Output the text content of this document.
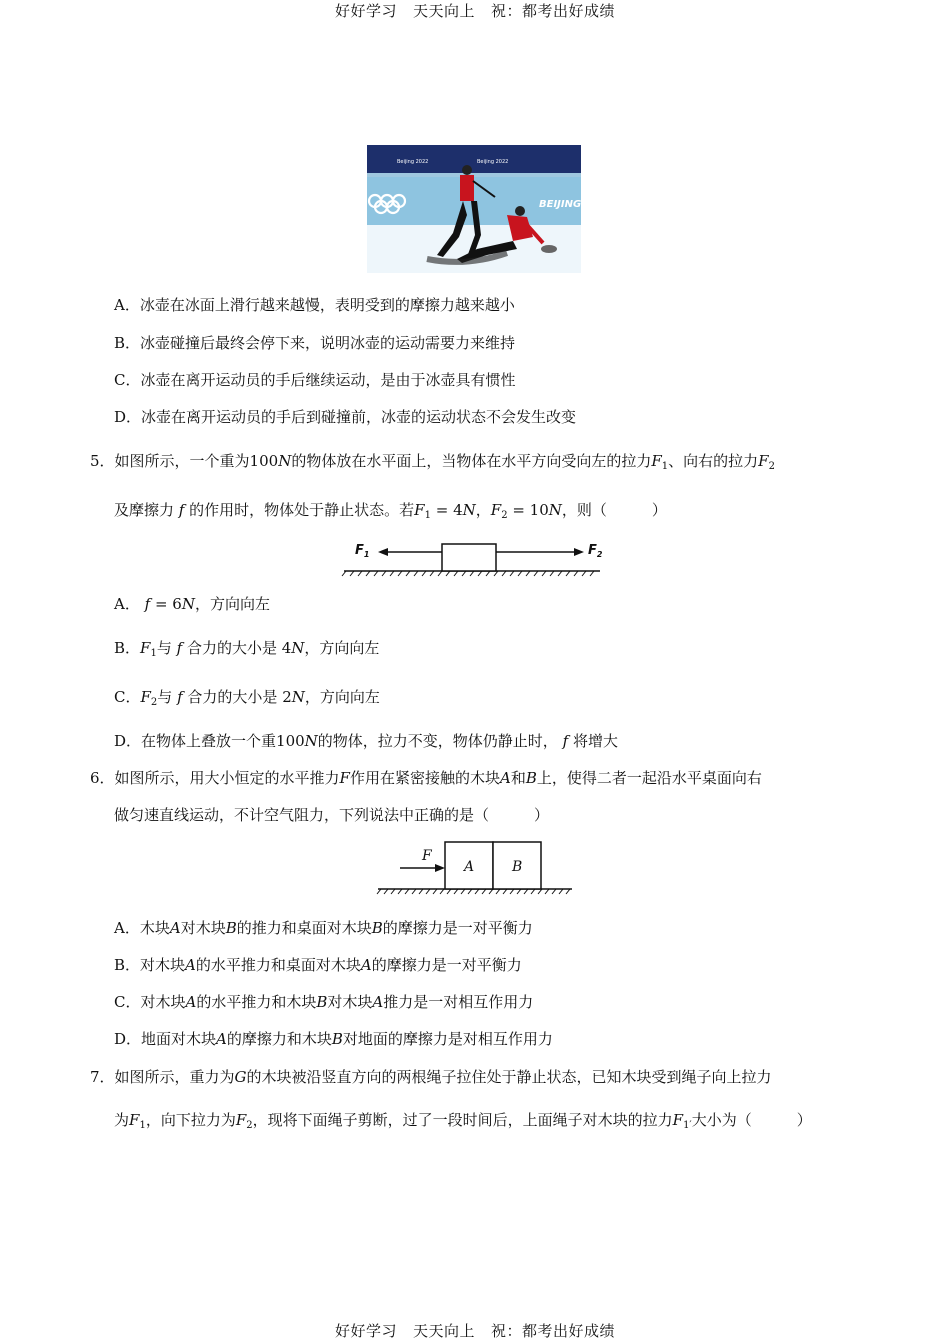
好好学习 天天向上 祝：都考出好成绩
Beijing 2022	Beijing 2022
BEIJING
A．冰壶在冰面上滑行越来越慢，表明受到的摩擦力越来越小
B．冰壶碰撞后最终会停下来，说明冰壶的运动需要力来维持
C．冰壶在离开运动员的手后继续运动，是由于冰壶具有惯性
D．冰壶在离开运动员的手后到碰撞前，冰壶的运动状态不会发生改变
5．如图所示，一个重为100N的物体放在水平面上，当物体在水平方向受向左的拉力$F_1$、向右的拉力$F_2$
及摩擦力 f 的作用时，物体处于静止状态。若$F_1 = 4N$，$F_2 = 10N$，则（　　　）
$F_1$	$F_2$
A． f = 6N，方向向左
B．$F_1$与 f 合力的大小是 4N，方向向左
C．$F_2$与 f 合力的大小是 2N，方向向左
D．在物体上叠放一个重100N的物体，拉力不变，物体仍静止时， f 将增大
6．如图所示，用大小恒定的水平推力F作用在紧密接触的木块A和B上，使得二者一起沿水平桌面向右
做匀速直线运动，不计空气阻力，下列说法中正确的是（　　　）
F
A	B
A．木块A对木块B的推力和桌面对木块B的摩擦力是一对平衡力
B．对木块A的水平推力和桌面对木块A的摩擦力是一对平衡力
C．对木块A的水平推力和木块B对木块A推力是一对相互作用力
D．地面对木块A的摩擦力和木块B对地面的摩擦力是对相互作用力
7．如图所示，重力为G的木块被沿竖直方向的两根绳子拉住处于静止状态，已知木块受到绳子向上拉力
为$F_1$，向下拉力为$F_2$，现将下面绳子剪断，过了一段时间后，上面绳子对木块的拉力$F_{1'}$大小为（　　　）
好好学习 天天向上 祝：都考出好成绩
